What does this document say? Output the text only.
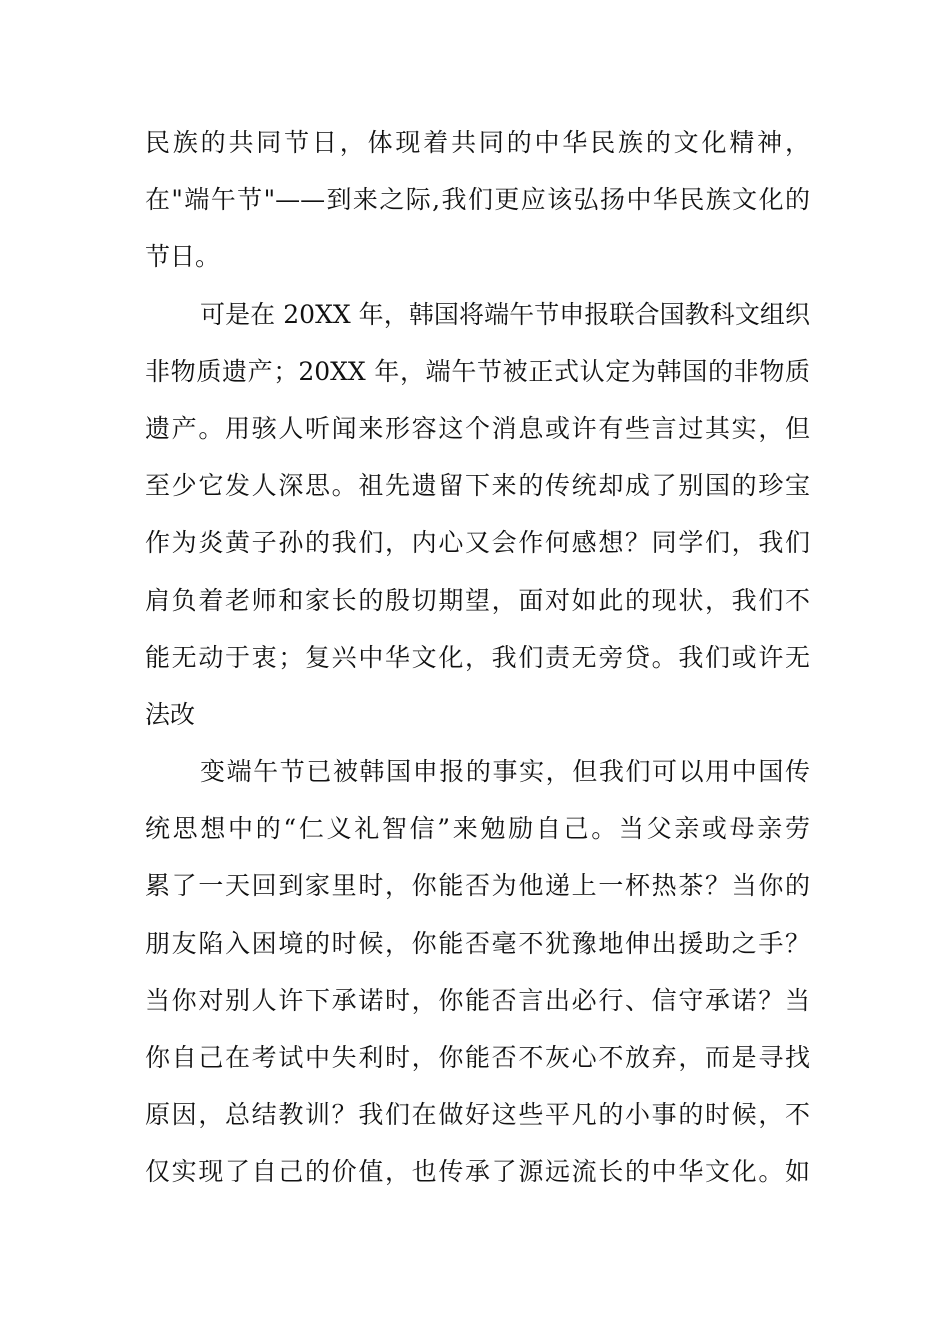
民族的共同节日，体现着共同的中华民族的文化精神，
在"端午节"——到来之际,我们更应该弘扬中华民族文化的
节日。
可是在 20XX 年，韩国将端午节申报联合国教科文组织
非物质遗产；20XX 年，端午节被正式认定为韩国的非物质
遗产。用骇人听闻来形容这个消息或许有些言过其实，但
至少它发人深思。祖先遗留下来的传统却成了别国的珍宝
作为炎黄子孙的我们，内心又会作何感想？同学们，我们
肩负着老师和家长的殷切期望，面对如此的现状，我们不
能无动于衷；复兴中华文化，我们责无旁贷。我们或许无
法改
变端午节已被韩国申报的事实，但我们可以用中国传
统思想中的“仁义礼智信”来勉励自己。当父亲或母亲劳
累了一天回到家里时，你能否为他递上一杯热茶？当你的
朋友陷入困境的时候，你能否毫不犹豫地伸出援助之手？
当你对别人许下承诺时，你能否言出必行、信守承诺？当
你自己在考试中失利时，你能否不灰心不放弃，而是寻找
原因，总结教训？我们在做好这些平凡的小事的时候，不
仅实现了自己的价值，也传承了源远流长的中华文化。如
